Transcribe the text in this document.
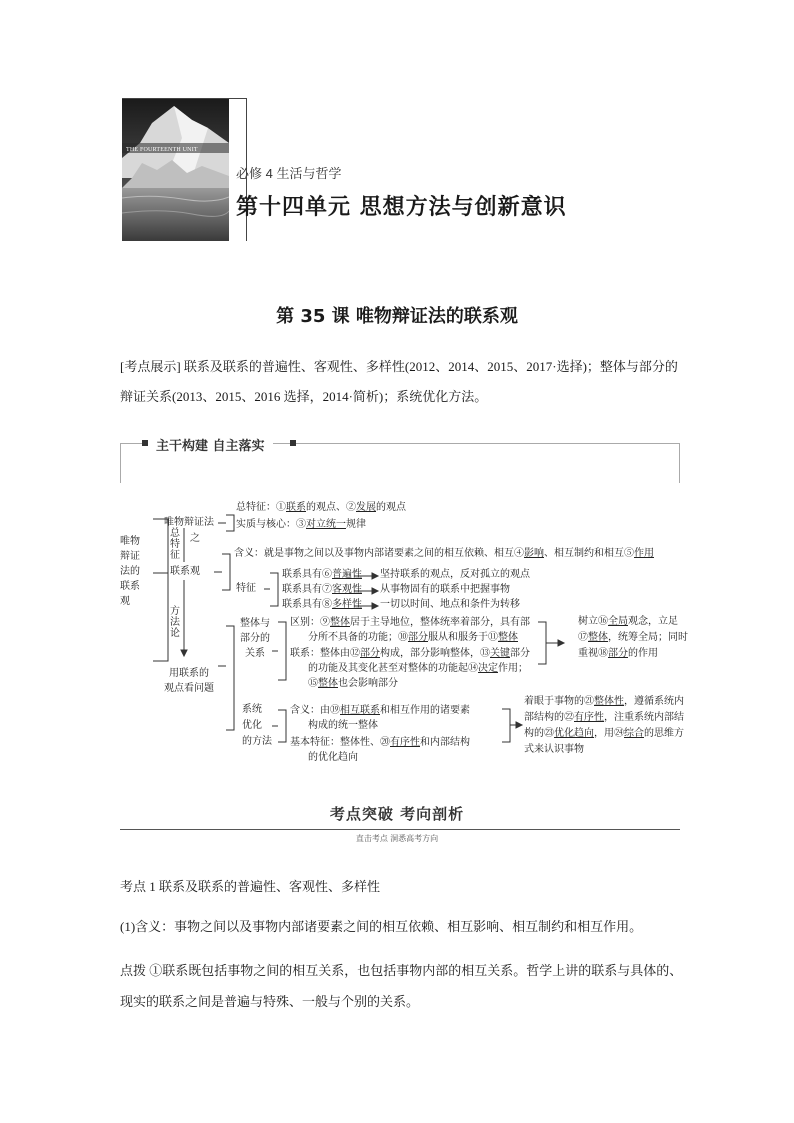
THE FOURTEENTH UNIT
必修 4 生活与哲学
第十四单元 思想方法与创新意识
第 35 课 唯物辩证法的联系观
[考点展示] 联系及联系的普遍性、客观性、多样性(2012、2014、2015、2017·选择)；整体与部分的辩证关系(2013、2015、2016 选择，2014·简析)；系统优化方法。
主干构建 自主落实
唯物
辩证
法的
联系
观
唯物辩证法
总特征：①联系的观点、②发展的观点
实质与核心：③对立统一规律
总
特
征
之
联系观
含义：就是事物之间以及事物内部诸要素之间的相互依赖、相互④影响、相互制约和相互⑤作用
特征
联系具有⑥普遍性 坚持联系的观点，反对孤立的观点
联系具有⑦客观性 从事物固有的联系中把握事物
联系具有⑧多样性 一切以时间、地点和条件为转移
方
法
论
用联系的
观点看问题
整体与
部分的
关系
区别：⑨整体居于主导地位，整体统率着部分，具有部
分所不具备的功能；⑩部分服从和服务于⑪整体
联系：整体由⑫部分构成，部分影响整体，⑬关键部分
的功能及其变化甚至对整体的功能起⑭决定作用；
⑮整体也会影响部分
树立⑯全局观念，立足
⑰整体，统筹全局；同时
重视⑱部分的作用
系统
优化
的方法
含义：由⑲相互联系和相互作用的诸要素
构成的统一整体
基本特征：整体性、⑳有序性和内部结构
的优化趋向
着眼于事物的㉑整体性，遵循系统内
部结构的㉒有序性，注重系统内部结
构的㉓优化趋向，用㉔综合的思维方
式来认识事物
考点突破 考向剖析
直击考点 洞悉高考方向
考点 1 联系及联系的普遍性、客观性、多样性
(1)含义：事物之间以及事物内部诸要素之间的相互依赖、相互影响、相互制约和相互作用。
点拨 ①联系既包括事物之间的相互关系，也包括事物内部的相互关系。哲学上讲的联系与具体的、现实的联系之间是普遍与特殊、一般与个别的关系。
